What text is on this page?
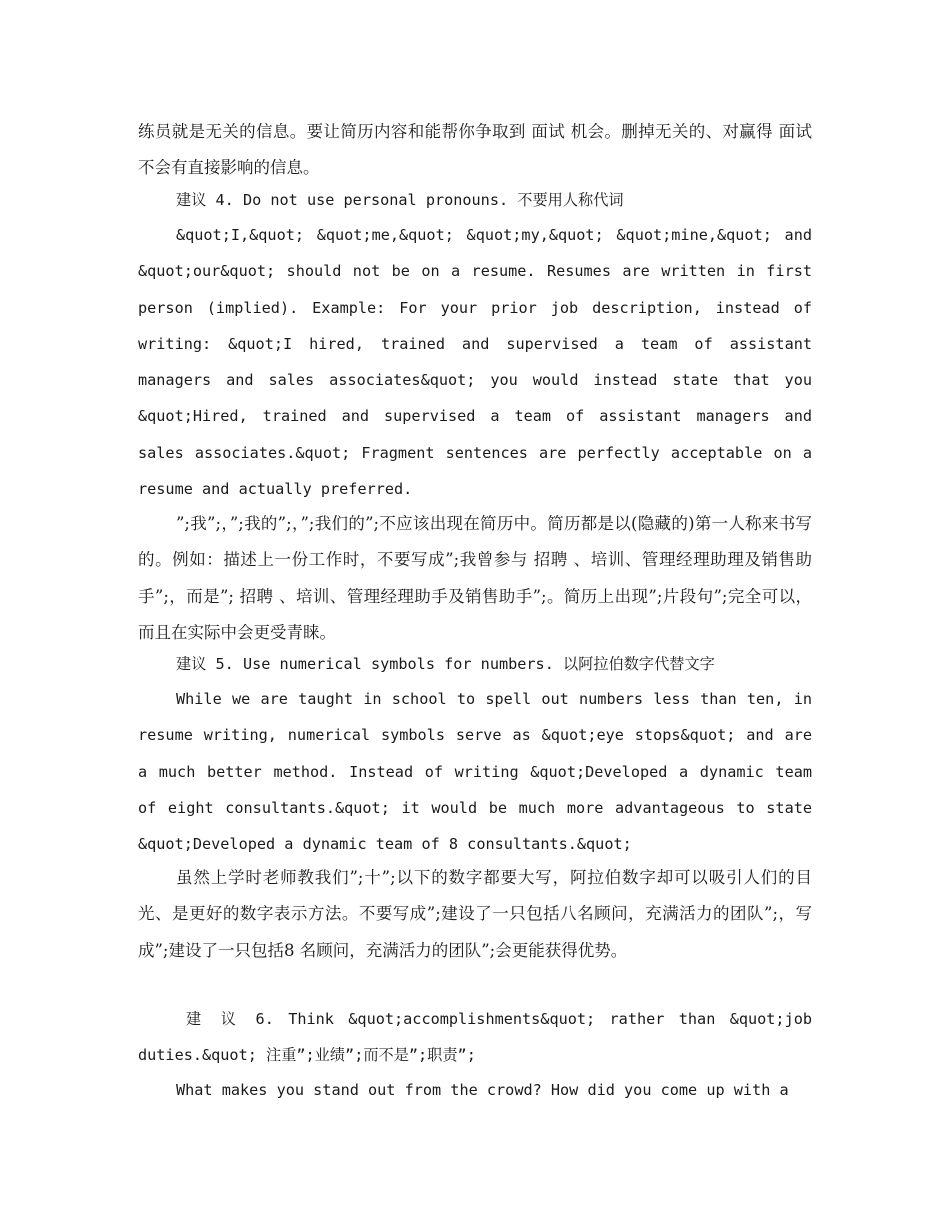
练员就是无关的信息。要让简历内容和能帮你争取到 面试 机会。删掉无关的、对赢得 面试 不会有直接影响的信息。
建议 4. Do not use personal pronouns. 不要用人称代词
&quot;I,&quot; &quot;me,&quot; &quot;my,&quot; &quot;mine,&quot; and &quot;our&quot; should not be on a resume. Resumes are written in first person (implied). Example: For your prior job description, instead of writing: &quot;I hired, trained and supervised a team of assistant managers and sales associates&quot; you would instead state that you &quot;Hired, trained and supervised a team of assistant managers and sales associates.&quot; Fragment sentences are perfectly acceptable on a resume and actually preferred.
”;我”;，”;我的”;，”;我们的”;不应该出现在简历中。简历都是以(隐藏的)第一人称来书写的。例如：描述上一份工作时，不要写成”;我曾参与 招聘 、培训、管理经理助理及销售助手”;，而是”; 招聘 、培训、管理经理助手及销售助手”;。简历上出现”;片段句”;完全可以，而且在实际中会更受青睐。
建议 5. Use numerical symbols for numbers. 以阿拉伯数字代替文字
While we are taught in school to spell out numbers less than ten, in resume writing, numerical symbols serve as &quot;eye stops&quot; and are a much better method. Instead of writing &quot;Developed a dynamic team of eight consultants.&quot; it would be much more advantageous to state &quot;Developed a dynamic team of 8 consultants.&quot;
虽然上学时老师教我们”;十”;以下的数字都要大写，阿拉伯数字却可以吸引人们的目光、是更好的数字表示方法。不要写成”;建设了一只包括八名顾问，充满活力的团队”;，写成”;建设了一只包括8 名顾问，充满活力的团队”;会更能获得优势。
建 议 6. Think &quot;accomplishments&quot; rather than &quot;job duties.&quot; 注重”;业绩”;而不是”;职责”;
What makes you stand out from the crowd? How did you come up with a
